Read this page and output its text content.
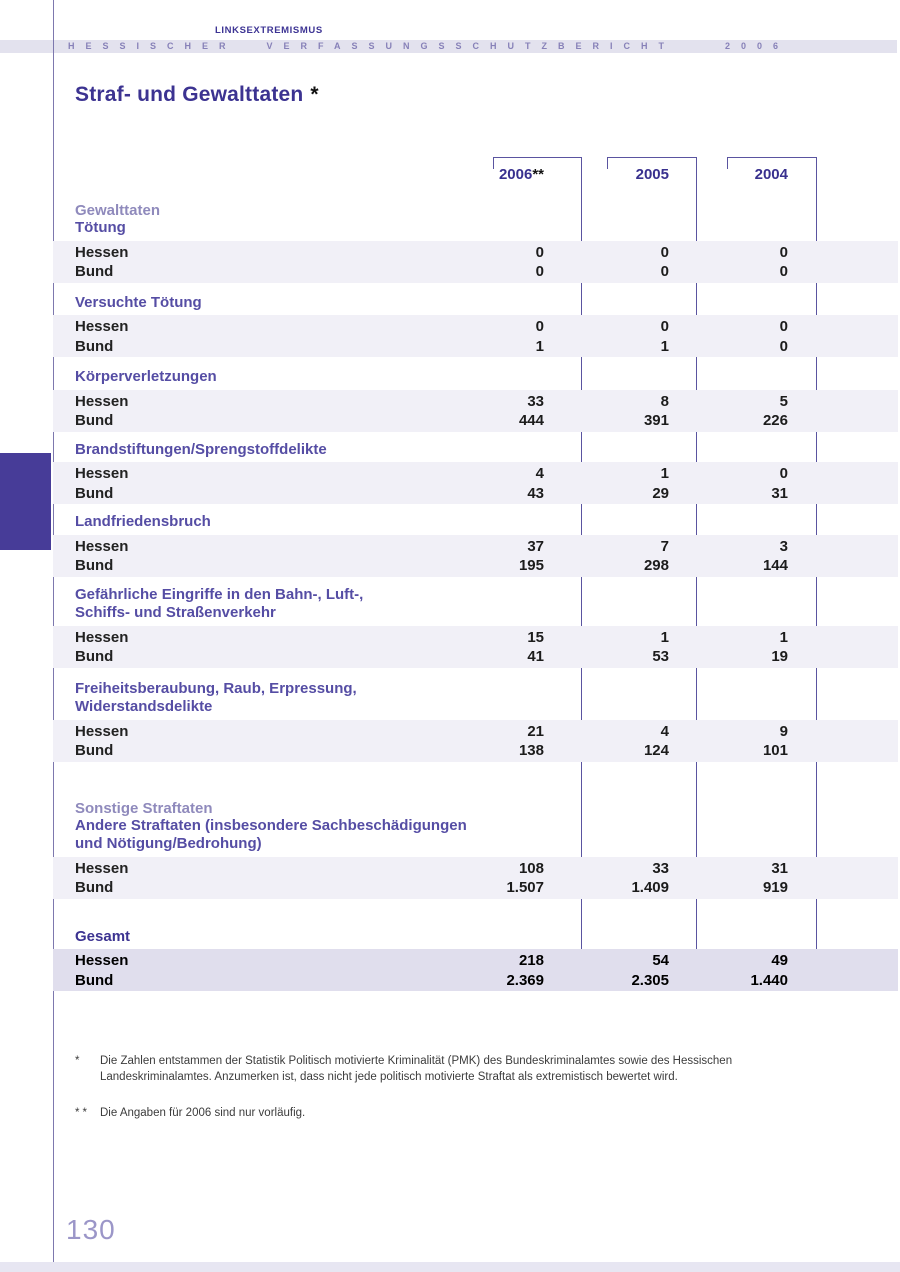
HESSISCHER	VERFASSUNGSSCHUTZBERICHT	2006
LINKSEXTREMISMUS
Straf- und Gewalttaten *
2006**	2005	2004
Gewalttaten
Tötung
Hessen	0	0	0
Bund	0	0	0
Versuchte Tötung
Hessen	0	0	0
Bund	1	1	0
Körperverletzungen
Hessen	33	8	5
Bund	444	391	226
Brandstiftungen/Sprengstoffdelikte
Hessen	4	1	0
Bund	43	29	31
Landfriedensbruch
Hessen	37	7	3
Bund	195	298	144
Gefährliche Eingriffe in den Bahn-, Luft-,
Schiffs- und Straßenverkehr
Hessen	15	1	1
Bund	41	53	19
Freiheitsberaubung, Raub, Erpressung,
Widerstandsdelikte
Hessen	21	4	9
Bund	138	124	101
Sonstige Straftaten
Andere Straftaten (insbesondere Sachbeschädigungen
und Nötigung/Bedrohung)
Hessen	108	33	31
Bund	1.507	1.409	919
Gesamt
Hessen	218	54	49
Bund	2.369	2.305	1.440
*	Die Zahlen entstammen der Statistik Politisch motivierte Kriminalität (PMK) des Bundeskriminalamtes sowie des Hessischen Landeskriminalamtes. Anzumerken ist, dass nicht jede politisch motivierte Straftat als extremistisch bewertet wird.
** Die Angaben für 2006 sind nur vorläufig.
130
